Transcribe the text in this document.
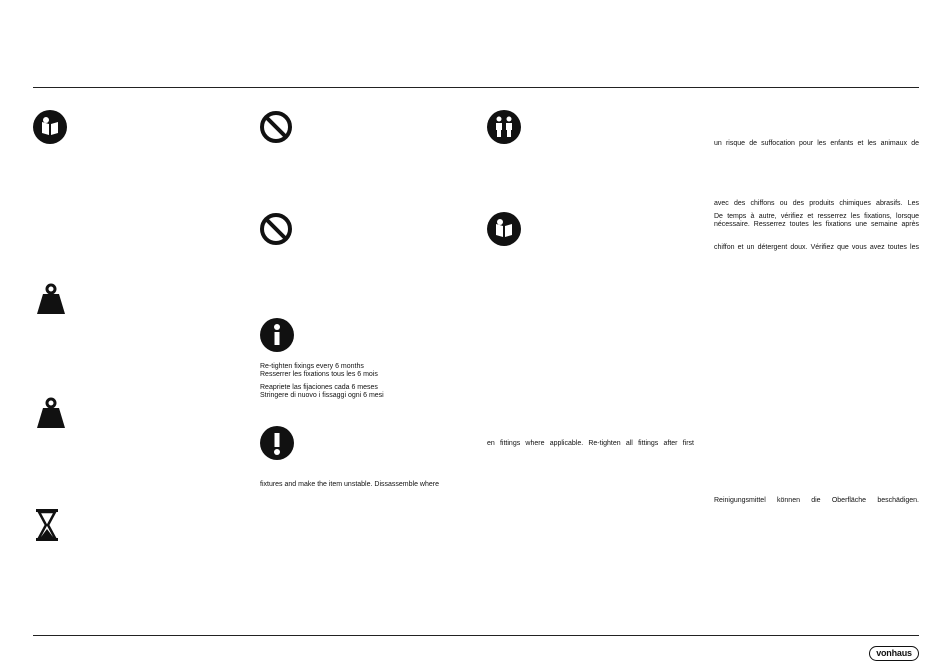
Re-tighten fixings every 6 months
Resserrer les fixations tous les 6 mois
Reapriete las fijaciones cada 6 meses
Stringere di nuovo i fissaggi ogni 6 mesi
fixtures and make the item unstable. Dissassemble where
en fittings where applicable. Re-tighten all fittings after first
un risque de suffocation pour les enfants et les animaux de
avec des chiffons ou des produits chimiques abrasifs. Les
De temps à autre, vérifiez et resserrez les fixations, lorsque
nécessaire. Resserrez toutes les fixations une semaine après
chiffon et un détergent doux. Vérifiez que vous avez toutes les
Reinigungsmittel können die Oberfläche beschädigen.
vonhaus
